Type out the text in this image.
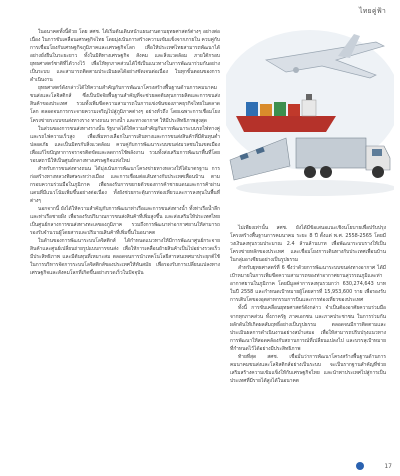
ไทยคู่ฟ้า

ในอนาคตทั้งนี้ด้วย โดย สศช. ได้เริ่มต้นเดินหน้าแผนงานตามยุทธศาสตร์ต่างๆ อย่างต่อเนื่อง ในการขับเคลื่อนเศรษฐกิจไทย โดยมุ่งเน้นการสร้างความเข้มแข็งจากภายใน ควบคู่กับการเชื่อมโยงกับเศรษฐกิจภูมิภาคและเศรษฐกิจโลก เพื่อให้ประเทศไทยสามารถพัฒนาได้อย่างยั่งยืนในระยะยาว ทั้งในมิติทางเศรษฐกิจ สังคม และสิ่งแวดล้อม ภายใต้กรอบยุทธศาสตร์ชาติที่ได้วางไว้ เพื่อให้ทุกภาคส่วนได้ใช้เป็นแนวทางในการพัฒนาร่วมกันอย่างเป็นระบบ และสามารถติดตามประเมินผลได้อย่างชัดเจนต่อเนื่อง ในทุกขั้นตอนของการดำเนินงาน

ยุทธศาสตร์ดังกล่าวได้ให้ความสำคัญกับการพัฒนาโครงสร้างพื้นฐานด้านการคมนาคมขนส่งและโลจิสติกส์ ซึ่งเป็นปัจจัยพื้นฐานสำคัญที่จะช่วยลดต้นทุนการผลิตและการขนส่งสินค้าของประเทศ รวมทั้งเพิ่มขีดความสามารถในการแข่งขันของภาคธุรกิจไทยในตลาดโลก ตลอดจนการกระจายความเจริญไปสู่ภูมิภาคต่างๆ อย่างทั่วถึง โดยเฉพาะการเชื่อมโยงโครงข่ายระบบขนส่งทางราง ทางถนน ทางน้ำ และทางอากาศ ให้มีประสิทธิภาพสูงสุด

ในส่วนของการขนส่งทางรางนั้น รัฐบาลได้ให้ความสำคัญกับการพัฒนาระบบรถไฟทางคู่และรถไฟความเร็วสูง เพื่อเพิ่มทางเลือกในการเดินทางและการขนส่งสินค้าที่มีต้นทุนต่ำ ปลอดภัย และเป็นมิตรกับสิ่งแวดล้อม ควบคู่กับการพัฒนาระบบขนส่งมวลชนในเขตเมือง เพื่อแก้ไขปัญหาการจราจรติดขัดและลดการใช้พลังงาน รวมทั้งส่งเสริมการพัฒนาพื้นที่โดยรอบสถานีให้เป็นศูนย์กลางทางเศรษฐกิจแห่งใหม่

สำหรับการขนส่งทางถนน ได้มุ่งเน้นการพัฒนาโครงข่ายทางหลวงให้ได้มาตรฐาน การก่อสร้างทางหลวงพิเศษระหว่างเมือง และการเชื่อมต่อเส้นทางกับประเทศเพื่อนบ้าน ตามกรอบความร่วมมือในภูมิภาค เพื่อรองรับการขยายตัวของการค้าชายแดนและการค้าผ่านแดนที่มีแนวโน้มเพิ่มขึ้นอย่างต่อเนื่อง ทั้งยังช่วยกระตุ้นการท่องเที่ยวและการลงทุนในพื้นที่ต่างๆ

นอกจากนี้ ยังได้ให้ความสำคัญกับการพัฒนาท่าเรือและการขนส่งทางน้ำ ทั้งท่าเรือน้ำลึกและท่าเรือชายฝั่ง เพื่อรองรับปริมาณการขนส่งสินค้าที่เพิ่มสูงขึ้น และส่งเสริมให้ประเทศไทยเป็นศูนย์กลางการขนส่งทางทะเลของภูมิภาค รวมถึงการพัฒนาท่าอากาศยานให้สามารถรองรับจำนวนผู้โดยสารและปริมาณสินค้าที่เพิ่มขึ้นในอนาคต

ในด้านของการพัฒนาระบบโลจิสติกส์ ได้กำหนดแนวทางให้มีการพัฒนาศูนย์กระจายสินค้าและศูนย์เปลี่ยนถ่ายรูปแบบการขนส่ง เพื่อให้การเคลื่อนย้ายสินค้าเป็นไปอย่างรวดเร็ว มีประสิทธิภาพ และมีต้นทุนที่เหมาะสม ตลอดจนการนำเทคโนโลยีสารสนเทศมาประยุกต์ใช้ในการบริหารจัดการระบบโลจิสติกส์ของประเทศให้ทันสมัย เพื่อรองรับการเปลี่ยนแปลงทางเศรษฐกิจและสังคมโลกที่เกิดขึ้นอย่างรวดเร็วในปัจจุบัน

ไม่เพียงเท่านั้น สศช. ยังได้มีข้อเสนอแนะเชิงนโยบายเพื่อปรับปรุงโครงสร้างพื้นฐานการคมนาคม ระยะ 8 ปี ตั้งแต่ พ.ศ. 2558-2565 โดยมีวงเงินลงทุนรวมประมาณ 2.4 ล้านล้านบาท เพื่อพัฒนาระบบรางให้เป็นโครงข่ายหลักของประเทศ และเชื่อมโยงการเดินทางกับประเทศเพื่อนบ้านในกลุ่มอาเซียนอย่างเป็นรูปธรรม

สำหรับยุทธศาสตร์ที่ 6 ซึ่งว่าด้วยการพัฒนาระบบขนส่งทางอากาศ ได้มีเป้าหมายในการเพิ่มขีดความสามารถของท่าอากาศยานสุวรรณภูมิและท่าอากาศยานในภูมิภาค โดยมีมูลค่าการลงทุนรวมกว่า 630,274,643 บาท ในปี 2558 และกำหนดเป้าหมายผู้โดยสารที่ 15,953,600 ราย เพื่อรองรับการเติบโตของอุตสาหกรรมการบินและการท่องเที่ยวของประเทศ

ทั้งนี้ การขับเคลื่อนยุทธศาสตร์ดังกล่าว จำเป็นต้องอาศัยความร่วมมือจากทุกภาคส่วน ทั้งภาครัฐ ภาคเอกชน และภาคประชาชน ในการร่วมกันผลักดันให้เกิดผลสัมฤทธิ์อย่างเป็นรูปธรรม ตลอดจนมีการติดตามและประเมินผลการดำเนินงานอย่างสม่ำเสมอ เพื่อให้สามารถปรับปรุงแนวทางการพัฒนาให้สอดคล้องกับสถานการณ์ที่เปลี่ยนแปลงไป และบรรลุเป้าหมายที่กำหนดไว้ได้อย่างมีประสิทธิภาพ

ท้ายที่สุด สศช. เชื่อมั่นว่าการพัฒนาโครงสร้างพื้นฐานด้านการคมนาคมขนส่งและโลจิสติกส์อย่างเป็นระบบ จะเป็นรากฐานสำคัญที่ช่วยเสริมสร้างความเข้มแข็งให้กับเศรษฐกิจไทย และนำพาประเทศไปสู่การเป็นประเทศที่มีรายได้สูงได้ในอนาคต

17
